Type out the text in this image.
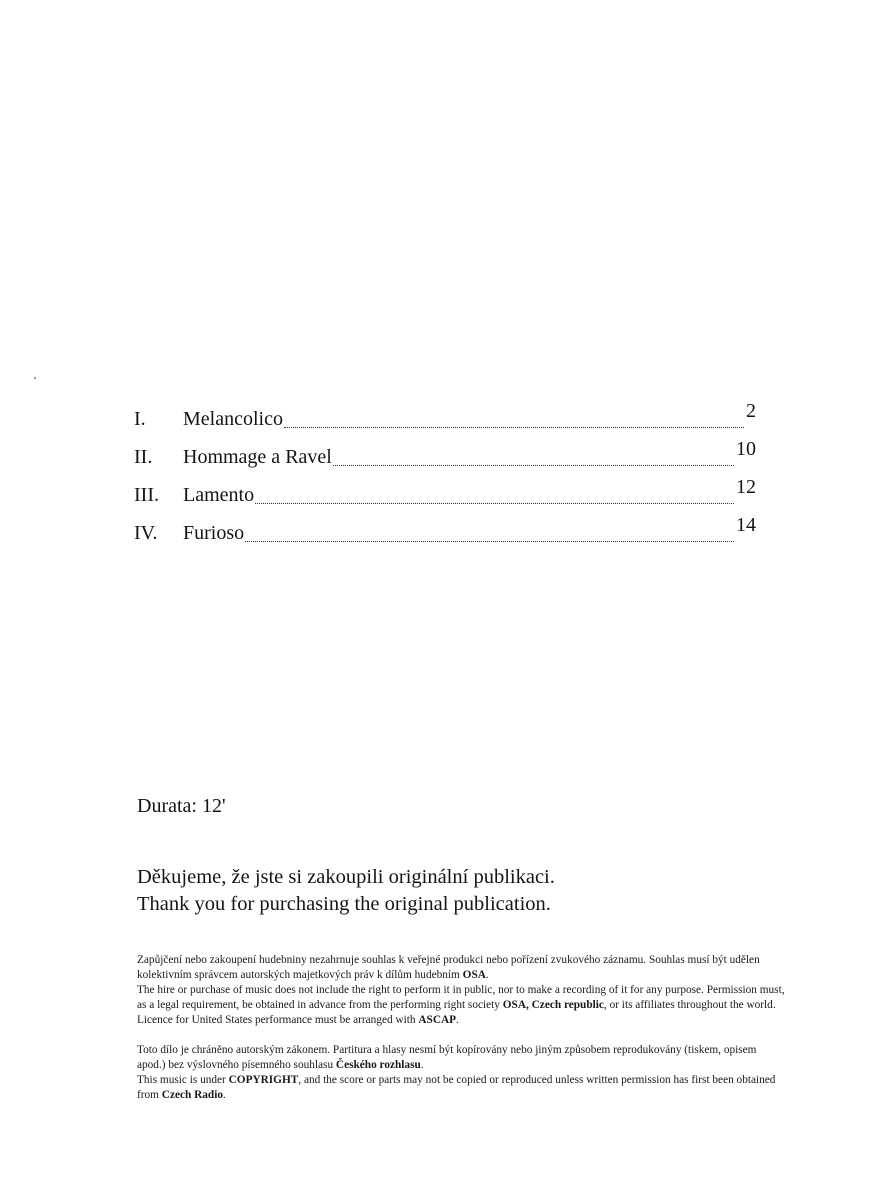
I.	Melancolico	2
II.	Hommage a Ravel	10
III.	Lamento	12
IV.	Furioso	14
Durata: 12'
Děkujeme, že jste si zakoupili originální publikaci.
Thank you for purchasing the original publication.

Zapůjčení nebo zakoupení hudebniny nezahrnuje souhlas k veřejné produkci nebo pořízení zvukového záznamu. Souhlas musí být udělen kolektivním správcem autorských majetkových práv k dílům hudebním OSA.
The hire or purchase of music does not include the right to perform it in public, nor to make a recording of it for any purpose. Permission must, as a legal requirement, be obtained in advance from the performing right society OSA, Czech republic, or its affiliates throughout the world. Licence for United States performance must be arranged with ASCAP.

Toto dílo je chráněno autorským zákonem. Partitura a hlasy nesmí být kopírovány nebo jiným způsobem reprodukovány (tiskem, opisem apod.) bez výslovného písemného souhlasu Českého rozhlasu.
This music is under COPYRIGHT, and the score or parts may not be copied or reproduced unless written permission has first been obtained from Czech Radio.
